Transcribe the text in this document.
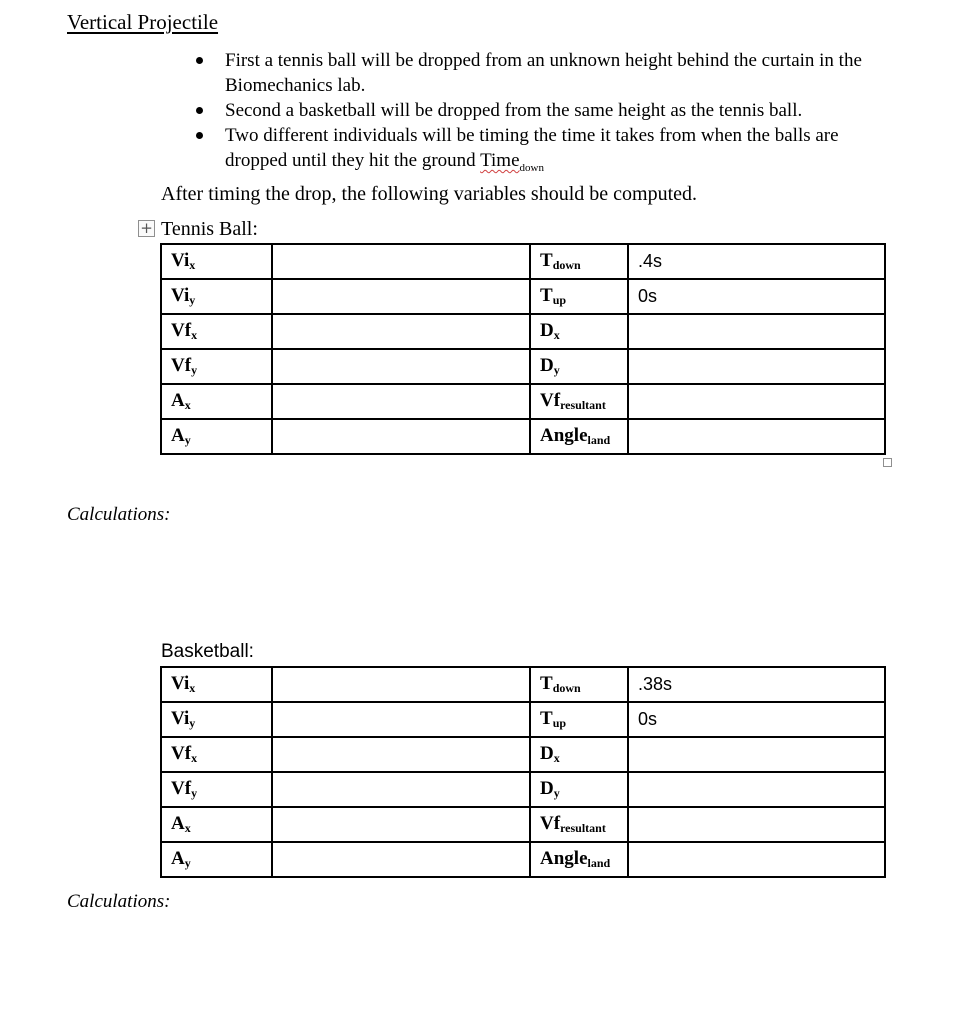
Vertical Projectile
First a tennis ball will be dropped from an unknown height behind the curtain in the Biomechanics lab.
Second a basketball will be dropped from the same height as the tennis ball.
Two different individuals will be timing the time it takes from when the balls are dropped until they hit the ground Time$_{down}$
After timing the drop, the following variables should be computed.
+ Tennis Ball:
$Vi_x$		$T_{down}$	.4s
$Vi_y$		$T_{up}$	0s
$Vf_x$		$D_x$	
$Vf_y$		$D_y$	
$A_x$		$Vf_{resultant}$	
$A_y$		Angle$_{land}$	
Calculations:
Basketball:
$Vi_x$		$T_{down}$	.38s
$Vi_y$		$T_{up}$	0s
$Vf_x$		$D_x$	
$Vf_y$		$D_y$	
$A_x$		$Vf_{resultant}$	
$A_y$		Angle$_{land}$	
Calculations:
